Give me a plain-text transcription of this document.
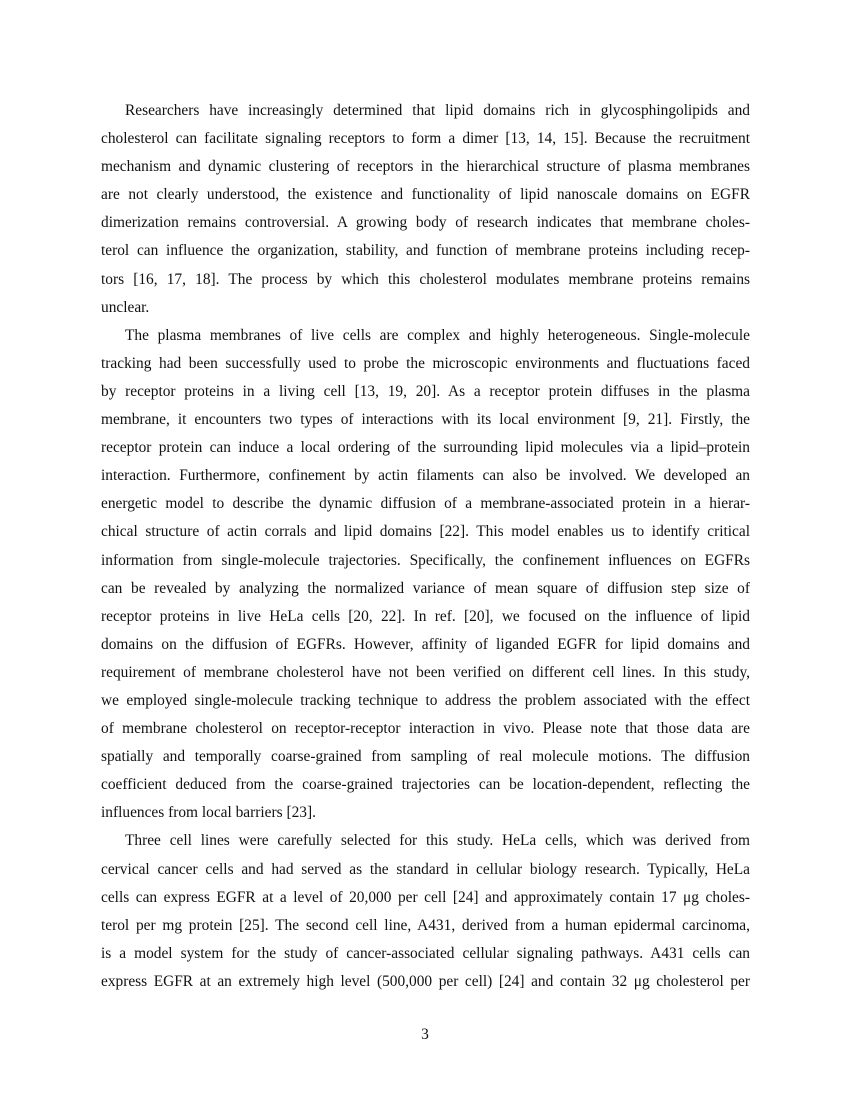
Researchers have increasingly determined that lipid domains rich in glycosphingolipids and
cholesterol can facilitate signaling receptors to form a dimer [13, 14, 15]. Because the recruitment
mechanism and dynamic clustering of receptors in the hierarchical structure of plasma membranes
are not clearly understood, the existence and functionality of lipid nanoscale domains on EGFR
dimerization remains controversial. A growing body of research indicates that membrane choles-
terol can influence the organization, stability, and function of membrane proteins including recep-
tors [16, 17, 18]. The process by which this cholesterol modulates membrane proteins remains
unclear.
The plasma membranes of live cells are complex and highly heterogeneous. Single-molecule
tracking had been successfully used to probe the microscopic environments and fluctuations faced
by receptor proteins in a living cell [13, 19, 20]. As a receptor protein diffuses in the plasma
membrane, it encounters two types of interactions with its local environment [9, 21]. Firstly, the
receptor protein can induce a local ordering of the surrounding lipid molecules via a lipid–protein
interaction. Furthermore, confinement by actin filaments can also be involved. We developed an
energetic model to describe the dynamic diffusion of a membrane-associated protein in a hierar-
chical structure of actin corrals and lipid domains [22]. This model enables us to identify critical
information from single-molecule trajectories. Specifically, the confinement influences on EGFRs
can be revealed by analyzing the normalized variance of mean square of diffusion step size of
receptor proteins in live HeLa cells [20, 22]. In ref. [20], we focused on the influence of lipid
domains on the diffusion of EGFRs. However, affinity of liganded EGFR for lipid domains and
requirement of membrane cholesterol have not been verified on different cell lines. In this study,
we employed single-molecule tracking technique to address the problem associated with the effect
of membrane cholesterol on receptor-receptor interaction in vivo. Please note that those data are
spatially and temporally coarse-grained from sampling of real molecule motions. The diffusion
coefficient deduced from the coarse-grained trajectories can be location-dependent, reflecting the
influences from local barriers [23].
Three cell lines were carefully selected for this study. HeLa cells, which was derived from
cervical cancer cells and had served as the standard in cellular biology research. Typically, HeLa
cells can express EGFR at a level of 20,000 per cell [24] and approximately contain 17 μg choles-
terol per mg protein [25]. The second cell line, A431, derived from a human epidermal carcinoma,
is a model system for the study of cancer-associated cellular signaling pathways. A431 cells can
express EGFR at an extremely high level (500,000 per cell) [24] and contain 32 μg cholesterol per
3
